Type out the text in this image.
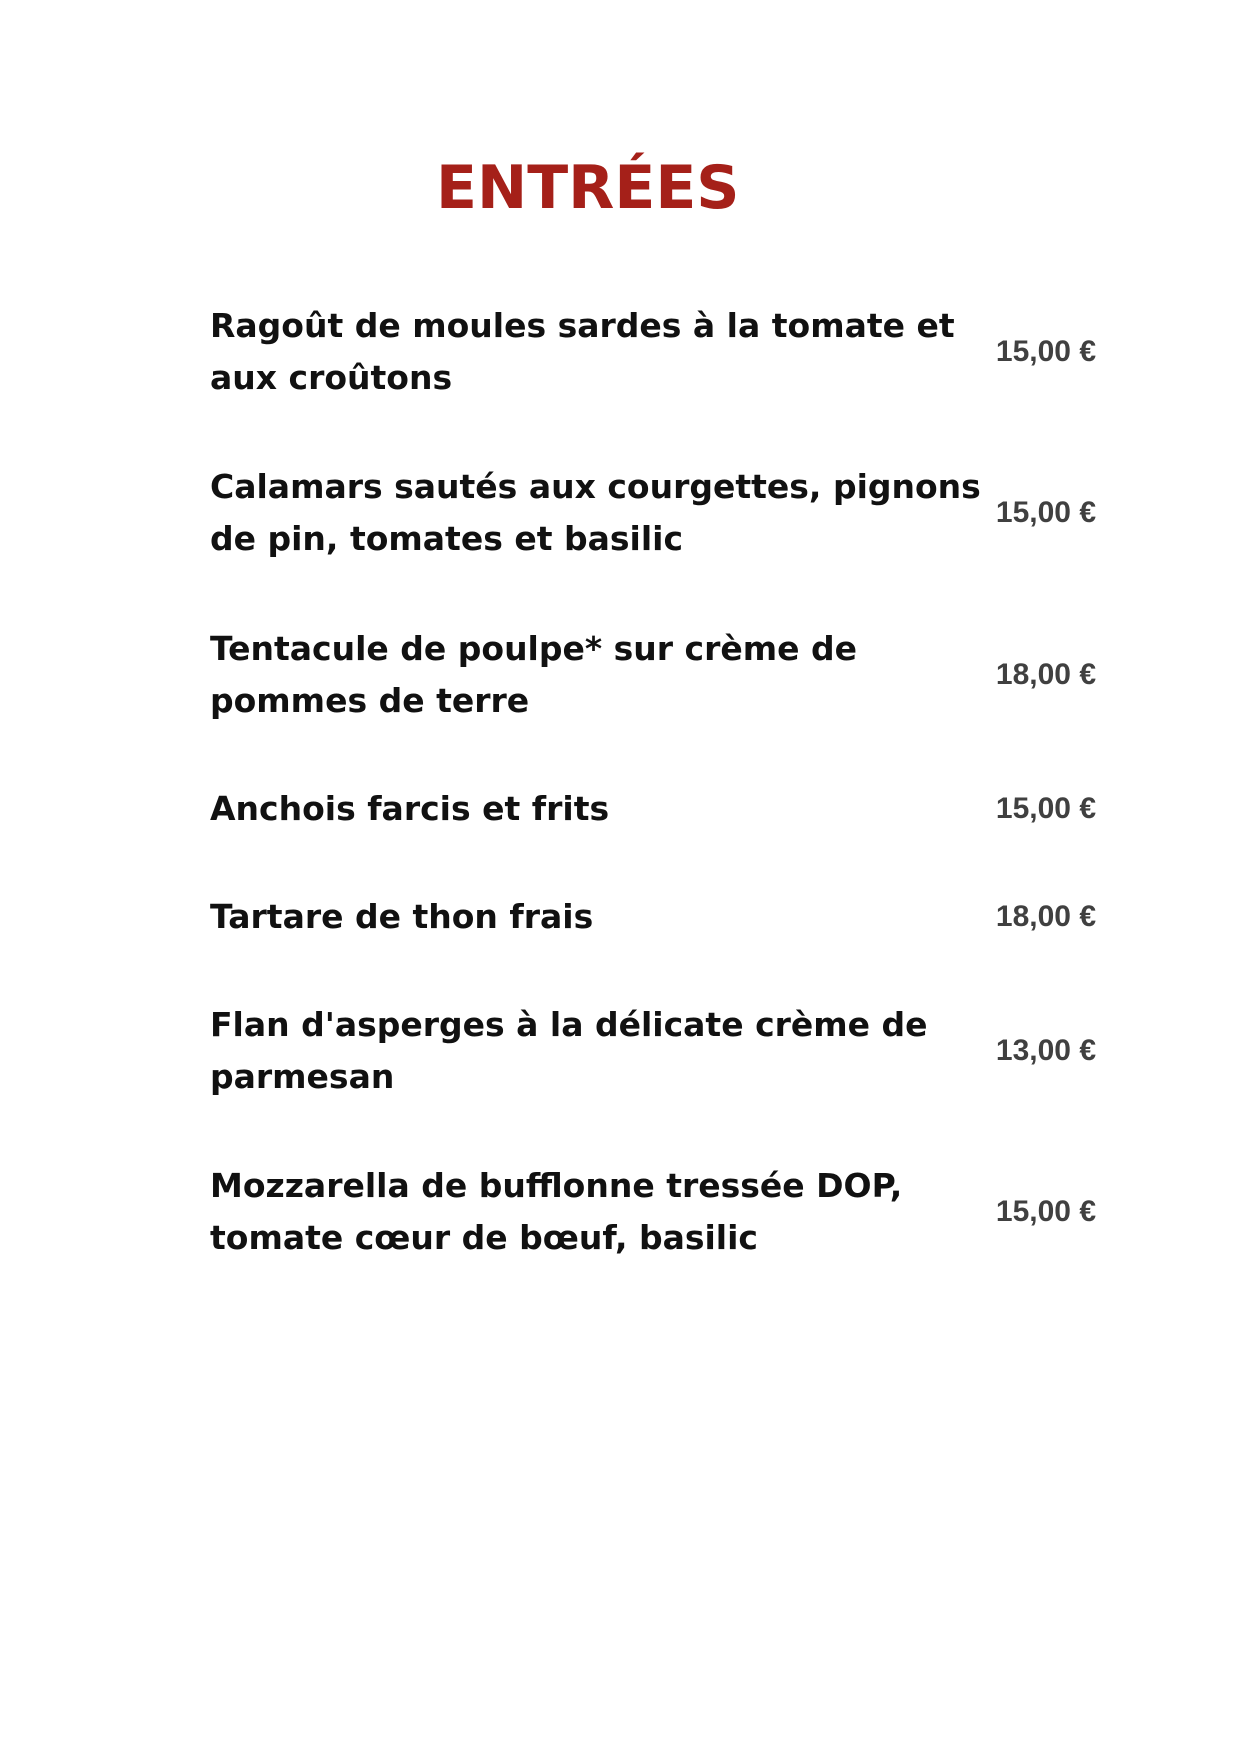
ENTRÉES

Ragoût de moules sardes à la tomate et
aux croûtons

15,00 €

Calamars sautés aux courgettes, pignons
de pin, tomates et basilic

15,00 €

Tentacule de poulpe* sur crème de
pommes de terre

18,00 €

Anchois farcis et frits	15,00 €

Tartare de thon frais	18,00 €

Flan d'asperges à la délicate crème de
parmesan

13,00 €

Mozzarella de bufflonne tressée DOP,
tomate cœur de bœuf, basilic

15,00 €
